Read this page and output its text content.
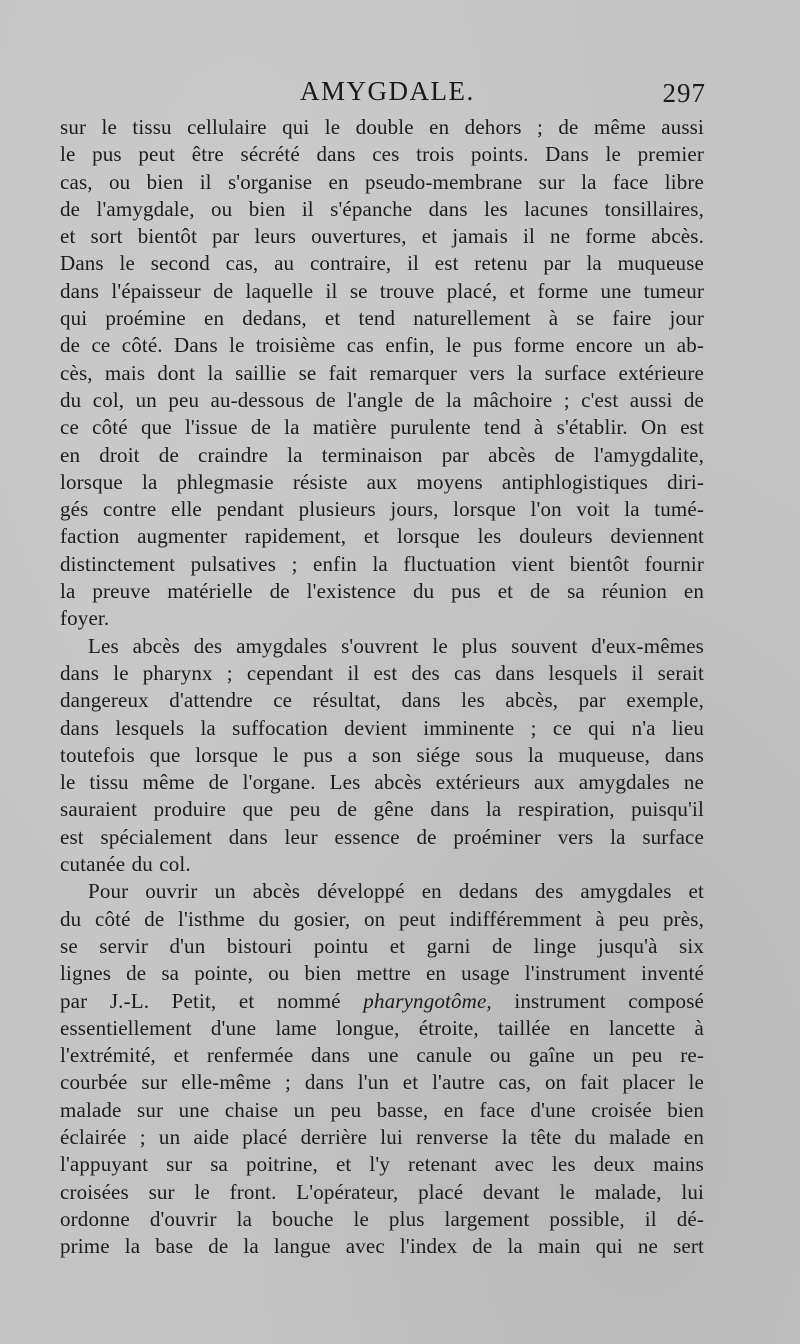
AMYGDALE.	297
sur le tissu cellulaire qui le double en dehors ; de même aussi
le pus peut être sécrété dans ces trois points. Dans le premier
cas, ou bien il s'organise en pseudo-membrane sur la face libre
de l'amygdale, ou bien il s'épanche dans les lacunes tonsillaires,
et sort bientôt par leurs ouvertures, et jamais il ne forme abcès.
Dans le second cas, au contraire, il est retenu par la muqueuse
dans l'épaisseur de laquelle il se trouve placé, et forme une tumeur
qui proémine en dedans, et tend naturellement à se faire jour
de ce côté. Dans le troisième cas enfin, le pus forme encore un ab-
cès, mais dont la saillie se fait remarquer vers la surface extérieure
du col, un peu au-dessous de l'angle de la mâchoire ; c'est aussi de
ce côté que l'issue de la matière purulente tend à s'établir. On est
en droit de craindre la terminaison par abcès de l'amygdalite,
lorsque la phlegmasie résiste aux moyens antiphlogistiques diri-
gés contre elle pendant plusieurs jours, lorsque l'on voit la tumé-
faction augmenter rapidement, et lorsque les douleurs deviennent
distinctement pulsatives ; enfin la fluctuation vient bientôt fournir
la preuve matérielle de l'existence du pus et de sa réunion en
foyer.
Les abcès des amygdales s'ouvrent le plus souvent d'eux-mêmes
dans le pharynx ; cependant il est des cas dans lesquels il serait
dangereux d'attendre ce résultat, dans les abcès, par exemple,
dans lesquels la suffocation devient imminente ; ce qui n'a lieu
toutefois que lorsque le pus a son siége sous la muqueuse, dans
le tissu même de l'organe. Les abcès extérieurs aux amygdales ne
sauraient produire que peu de gêne dans la respiration, puisqu'il
est spécialement dans leur essence de proéminer vers la surface
cutanée du col.
Pour ouvrir un abcès développé en dedans des amygdales et
du côté de l'isthme du gosier, on peut indifféremment à peu près,
se servir d'un bistouri pointu et garni de linge jusqu'à six
lignes de sa pointe, ou bien mettre en usage l'instrument inventé
par J.-L. Petit, et nommé pharyngotôme, instrument composé
essentiellement d'une lame longue, étroite, taillée en lancette à
l'extrémité, et renfermée dans une canule ou gaîne un peu re-
courbée sur elle-même ; dans l'un et l'autre cas, on fait placer le
malade sur une chaise un peu basse, en face d'une croisée bien
éclairée ; un aide placé derrière lui renverse la tête du malade en
l'appuyant sur sa poitrine, et l'y retenant avec les deux mains
croisées sur le front. L'opérateur, placé devant le malade, lui
ordonne d'ouvrir la bouche le plus largement possible, il dé-
prime la base de la langue avec l'index de la main qui ne sert
